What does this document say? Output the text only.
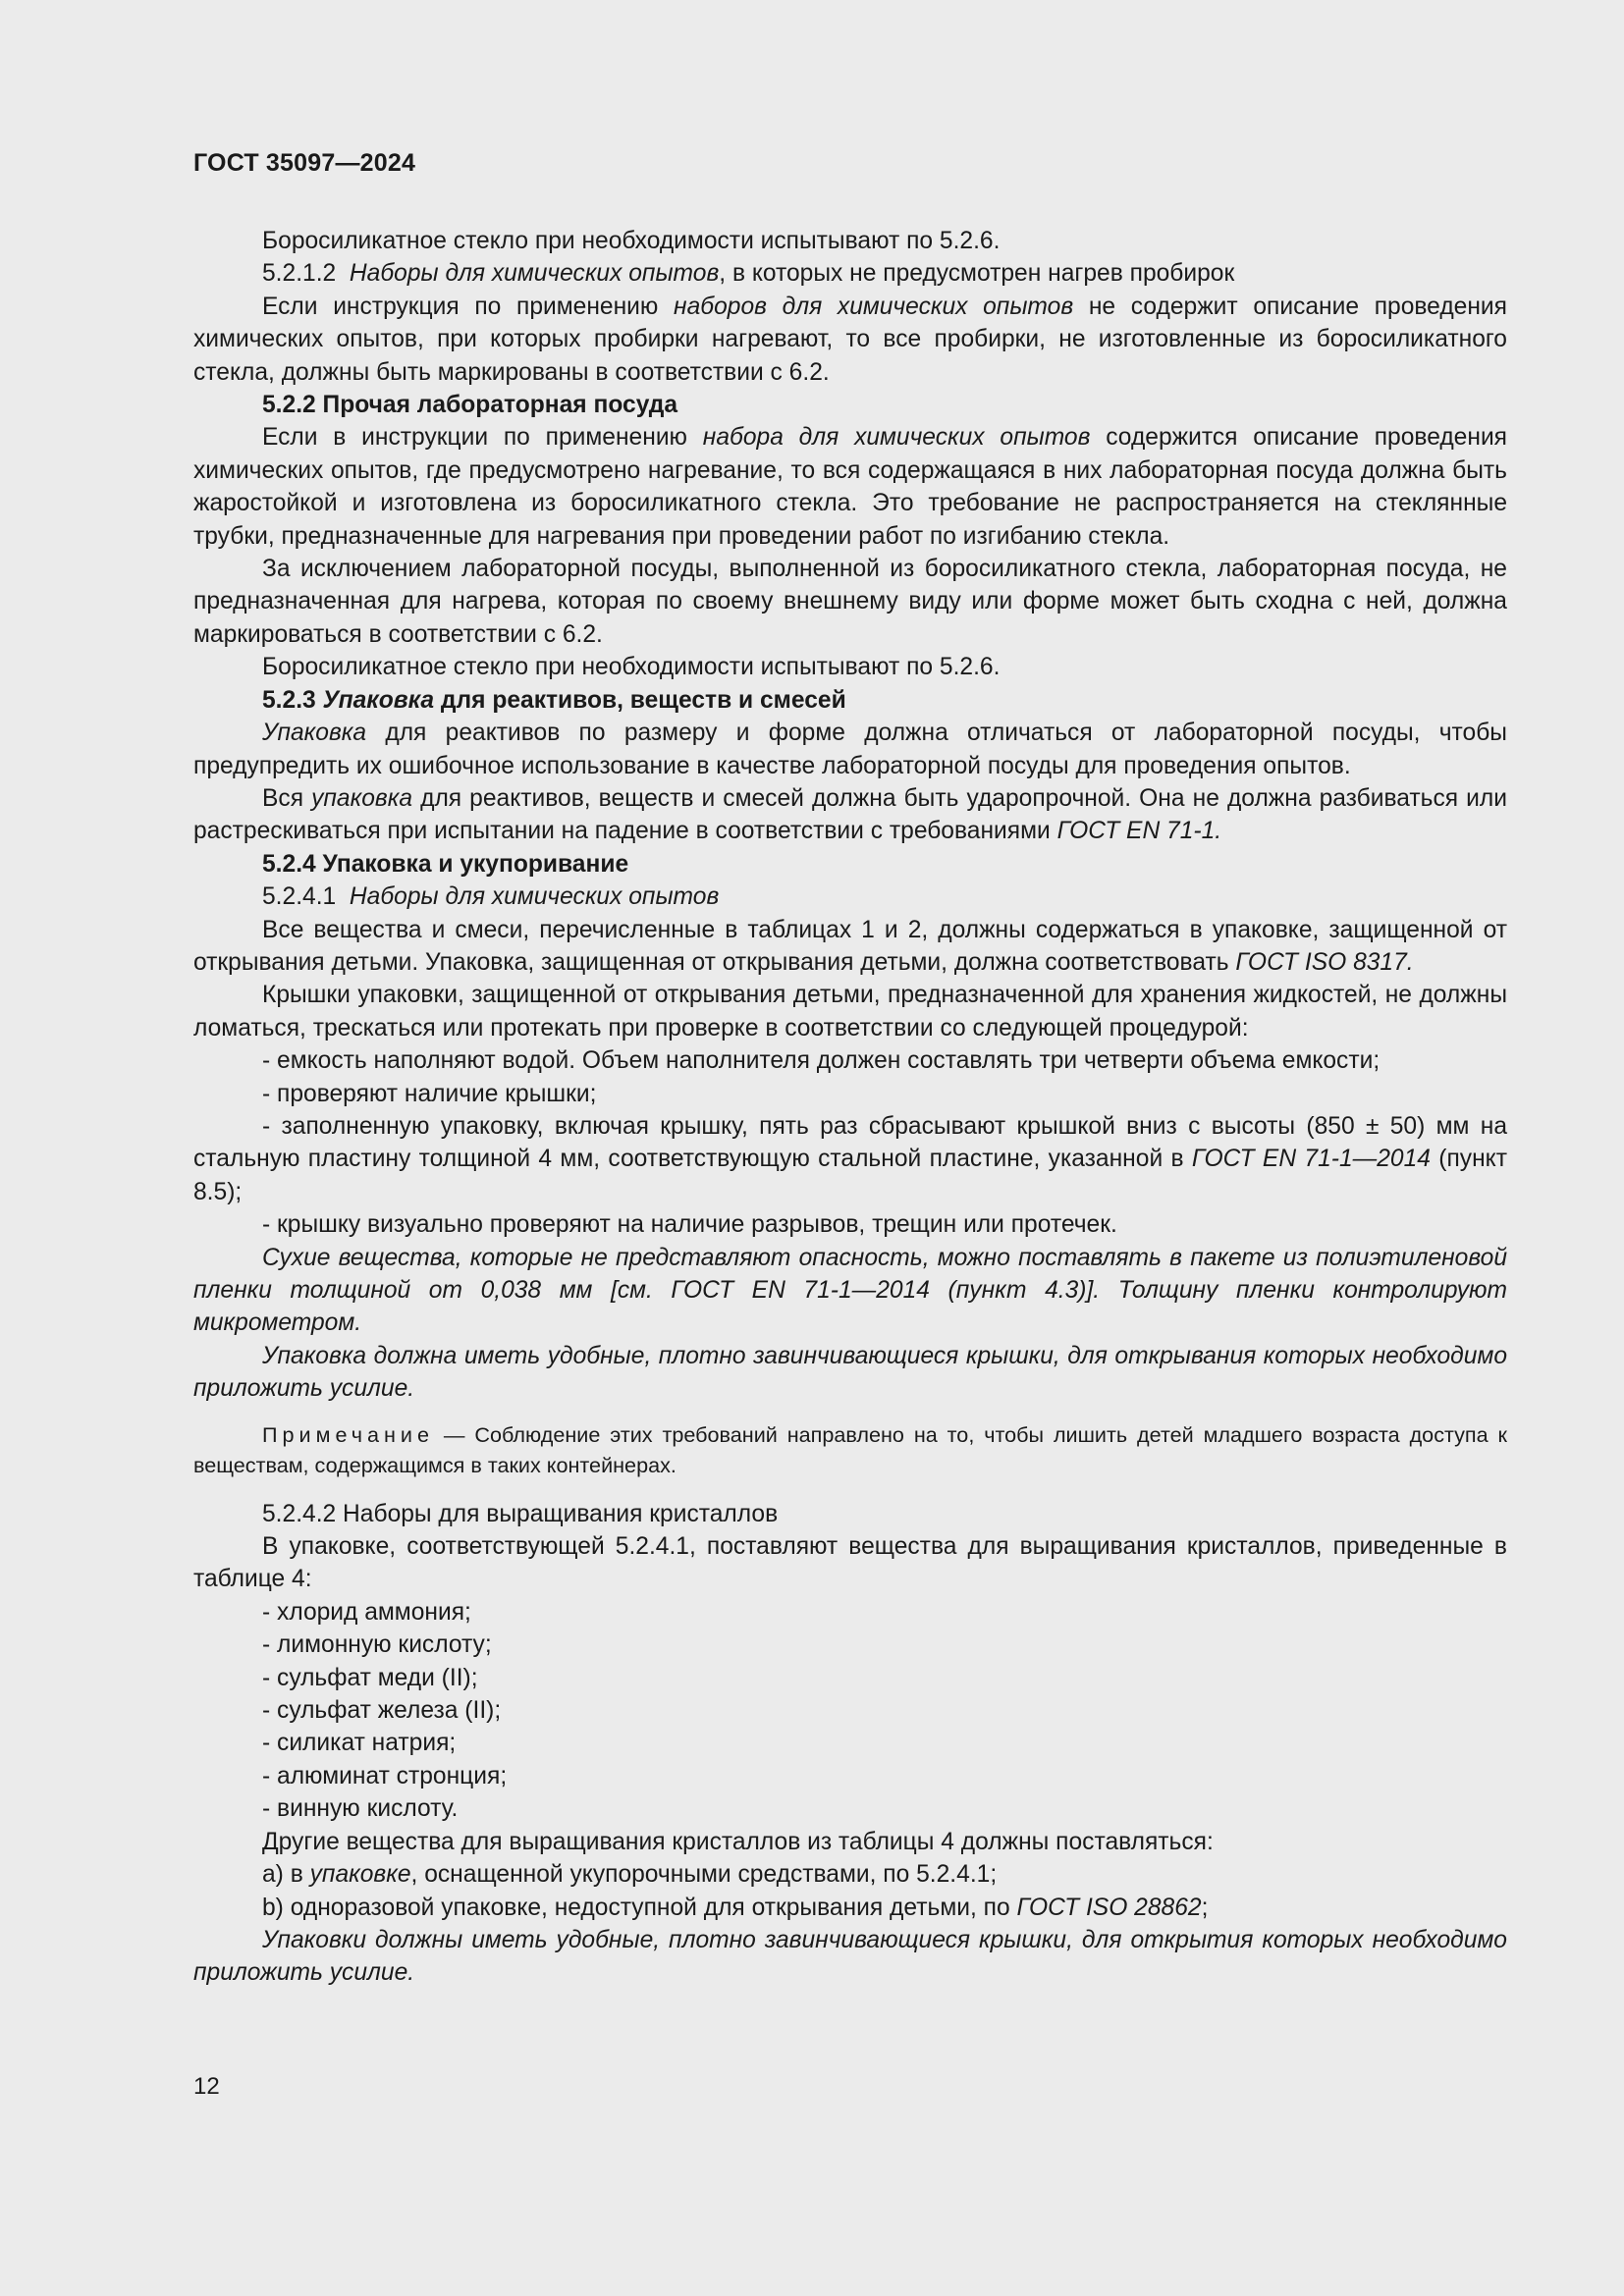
ГОСТ 35097—2024

Боросиликатное стекло при необходимости испытывают по 5.2.6.

5.2.1.2 Наборы для химических опытов, в которых не предусмотрен нагрев пробирок

Если инструкция по применению наборов для химических опытов не содержит описание проведения химических опытов, при которых пробирки нагревают, то все пробирки, не изготовленные из боросиликатного стекла, должны быть маркированы в соответствии с 6.2.

5.2.2 Прочая лабораторная посуда

Если в инструкции по применению набора для химических опытов содержится описание проведения химических опытов, где предусмотрено нагревание, то вся содержащаяся в них лабораторная посуда должна быть жаростойкой и изготовлена из боросиликатного стекла. Это требование не распространяется на стеклянные трубки, предназначенные для нагревания при проведении работ по изгибанию стекла.

За исключением лабораторной посуды, выполненной из боросиликатного стекла, лабораторная посуда, не предназначенная для нагрева, которая по своему внешнему виду или форме может быть сходна с ней, должна маркироваться в соответствии с 6.2.

Боросиликатное стекло при необходимости испытывают по 5.2.6.

5.2.3 Упаковка для реактивов, веществ и смесей

Упаковка для реактивов по размеру и форме должна отличаться от лабораторной посуды, чтобы предупредить их ошибочное использование в качестве лабораторной посуды для проведения опытов.

Вся упаковка для реактивов, веществ и смесей должна быть ударопрочной. Она не должна разбиваться или растрескиваться при испытании на падение в соответствии с требованиями ГОСТ EN 71-1.

5.2.4 Упаковка и укупоривание

5.2.4.1 Наборы для химических опытов

Все вещества и смеси, перечисленные в таблицах 1 и 2, должны содержаться в упаковке, защищенной от открывания детьми. Упаковка, защищенная от открывания детьми, должна соответствовать ГОСТ ISO 8317.

Крышки упаковки, защищенной от открывания детьми, предназначенной для хранения жидкостей, не должны ломаться, трескаться или протекать при проверке в соответствии со следующей процедурой:

- емкость наполняют водой. Объем наполнителя должен составлять три четверти объема емкости;

- проверяют наличие крышки;

- заполненную упаковку, включая крышку, пять раз сбрасывают крышкой вниз с высоты (850 ± 50) мм на стальную пластину толщиной 4 мм, соответствующую стальной пластине, указанной в ГОСТ EN 71-1—2014 (пункт 8.5);

- крышку визуально проверяют на наличие разрывов, трещин или протечек.

Сухие вещества, которые не представляют опасность, можно поставлять в пакете из полиэтиленовой пленки толщиной от 0,038 мм [см. ГОСТ EN 71-1—2014 (пункт 4.3)]. Толщину пленки контролируют микрометром.

Упаковка должна иметь удобные, плотно завинчивающиеся крышки, для открывания которых необходимо приложить усилие.

Примечание — Соблюдение этих требований направлено на то, чтобы лишить детей младшего возраста доступа к веществам, содержащимся в таких контейнерах.

5.2.4.2 Наборы для выращивания кристаллов

В упаковке, соответствующей 5.2.4.1, поставляют вещества для выращивания кристаллов, приведенные в таблице 4:

- хлорид аммония;

- лимонную кислоту;

- сульфат меди (II);

- сульфат железа (II);

- силикат натрия;

- алюминат стронция;

- винную кислоту.

Другие вещества для выращивания кристаллов из таблицы 4 должны поставляться:

а) в упаковке, оснащенной укупорочными средствами, по 5.2.4.1;

b) одноразовой упаковке, недоступной для открывания детьми, по ГОСТ ISO 28862;

Упаковки должны иметь удобные, плотно завинчивающиеся крышки, для открытия которых необходимо приложить усилие.

12
